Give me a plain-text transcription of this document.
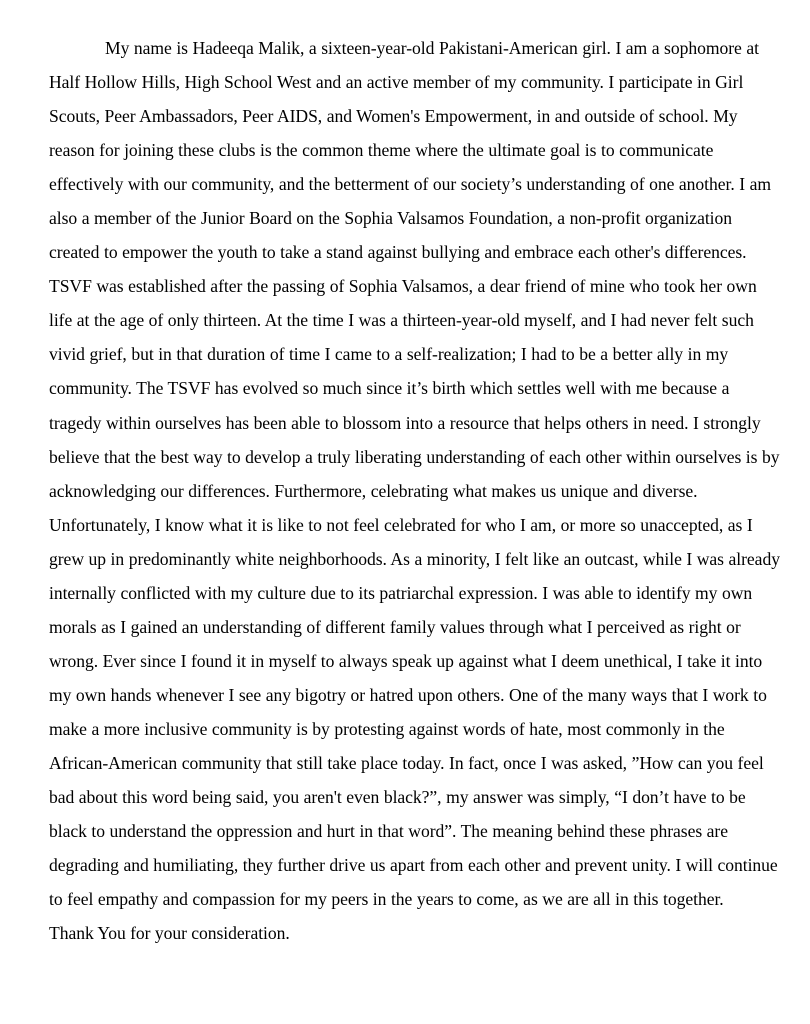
My name is Hadeeqa Malik, a sixteen-year-old Pakistani-American girl. I am a sophomore at Half Hollow Hills, High School West and an active member of my community. I participate in Girl Scouts, Peer Ambassadors, Peer AIDS, and Women's Empowerment, in and outside of school. My reason for joining these clubs is the common theme where the ultimate goal is to communicate effectively with our community, and the betterment of our society’s understanding of one another. I am also a member of the Junior Board on the Sophia Valsamos Foundation, a non-profit organization created to empower the youth to take a stand against bullying and embrace each other's differences. TSVF was established after the passing of Sophia Valsamos, a dear friend of mine who took her own life at the age of only thirteen. At the time I was a thirteen-year-old myself, and I had never felt such vivid grief, but in that duration of time I came to a self-realization; I had to be a better ally in my community. The TSVF has evolved so much since it’s birth which settles well with me because a tragedy within ourselves has been able to blossom into a resource that helps others in need. I strongly believe that the best way to develop a truly liberating understanding of each other within ourselves is by acknowledging our differences. Furthermore, celebrating what makes us unique and diverse. Unfortunately, I know what it is like to not feel celebrated for who I am, or more so unaccepted, as I grew up in predominantly white neighborhoods. As a minority, I felt like an outcast, while I was already internally conflicted with my culture due to its patriarchal expression. I was able to identify my own morals as I gained an understanding of different family values through what I perceived as right or wrong. Ever since I found it in myself to always speak up against what I deem unethical, I take it into my own hands whenever I see any bigotry or hatred upon others. One of the many ways that I work to make a more inclusive community is by protesting against words of hate, most commonly in the African-American community that still take place today. In fact, once I was asked, ”How can you feel bad about this word being said, you aren't even black?”, my answer was simply, “I don’t have to be black to understand the oppression and hurt in that word”. The meaning behind these phrases are degrading and humiliating, they further drive us apart from each other and prevent unity. I will continue to feel empathy and compassion for my peers in the years to come, as we are all in this together.

Thank You for your consideration.
